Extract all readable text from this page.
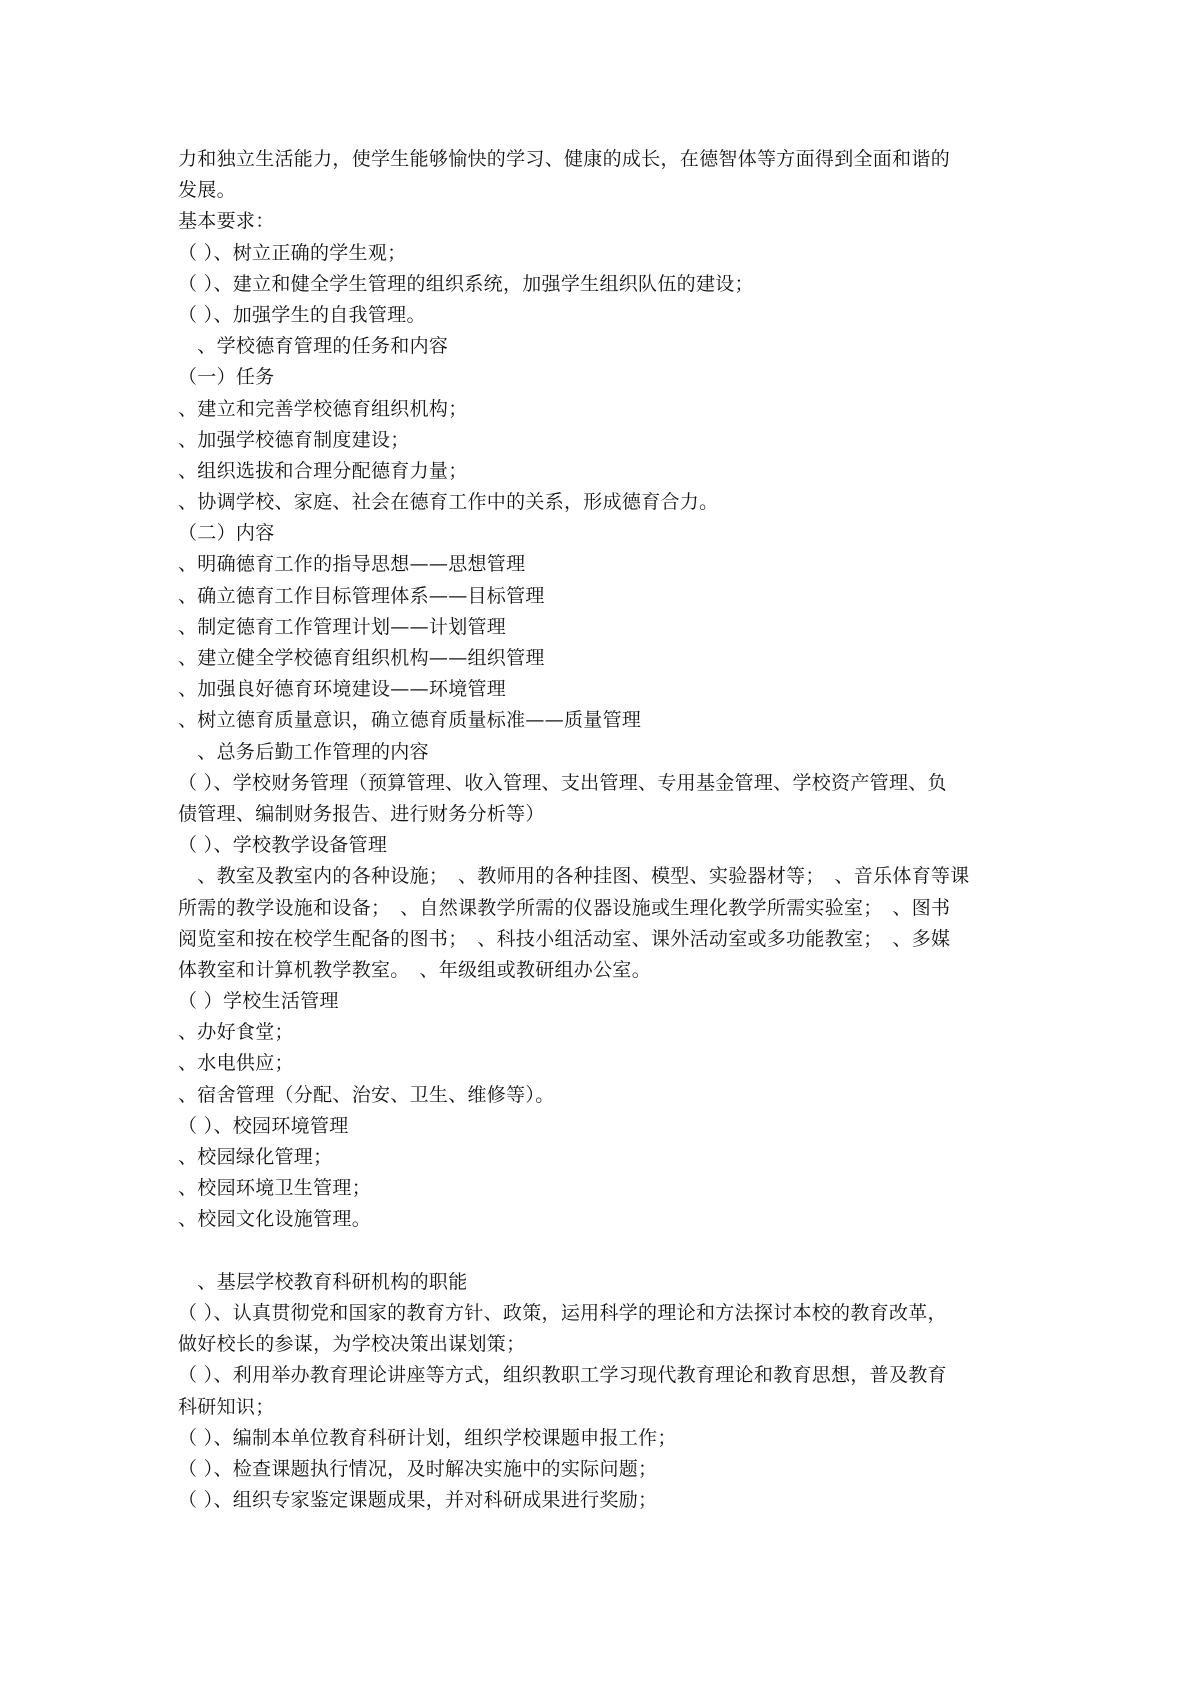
力和独立生活能力，使学生能够愉快的学习、健康的成长，在德智体等方面得到全面和谐的
发展。
基本要求：
（ ）、树立正确的学生观；
（ ）、建立和健全学生管理的组织系统，加强学生组织队伍的建设；
（ ）、加强学生的自我管理。
　、学校德育管理的任务和内容
（一）任务
、建立和完善学校德育组织机构；
、加强学校德育制度建设；
、组织选拔和合理分配德育力量；
、协调学校、家庭、社会在德育工作中的关系，形成德育合力。
（二）内容
、明确德育工作的指导思想——思想管理
、确立德育工作目标管理体系——目标管理
、制定德育工作管理计划——计划管理
、建立健全学校德育组织机构——组织管理
、加强良好德育环境建设——环境管理
、树立德育质量意识，确立德育质量标准——质量管理
　、总务后勤工作管理的内容
（ ）、学校财务管理（预算管理、收入管理、支出管理、专用基金管理、学校资产管理、负
债管理、编制财务报告、进行财务分析等）
（ ）、学校教学设备管理
　、教室及教室内的各种设施；　、教师用的各种挂图、模型、实验器材等；　、音乐体育等课
所需的教学设施和设备；　、自然课教学所需的仪器设施或生理化教学所需实验室；　、图书
阅览室和按在校学生配备的图书；　、科技小组活动室、课外活动室或多功能教室；　、多媒
体教室和计算机教学教室。　、年级组或教研组办公室。
（ ）学校生活管理
、办好食堂；
、水电供应；
、宿舍管理（分配、治安、卫生、维修等）。
（ ）、校园环境管理
、校园绿化管理；
、校园环境卫生管理；
、校园文化设施管理。
　、基层学校教育科研机构的职能
（ ）、认真贯彻党和国家的教育方针、政策，运用科学的理论和方法探讨本校的教育改革，
做好校长的参谋，为学校决策出谋划策；
（ ）、利用举办教育理论讲座等方式，组织教职工学习现代教育理论和教育思想，普及教育
科研知识；
（ ）、编制本单位教育科研计划，组织学校课题申报工作；
（ ）、检查课题执行情况，及时解决实施中的实际问题；
（ ）、组织专家鉴定课题成果，并对科研成果进行奖励；
